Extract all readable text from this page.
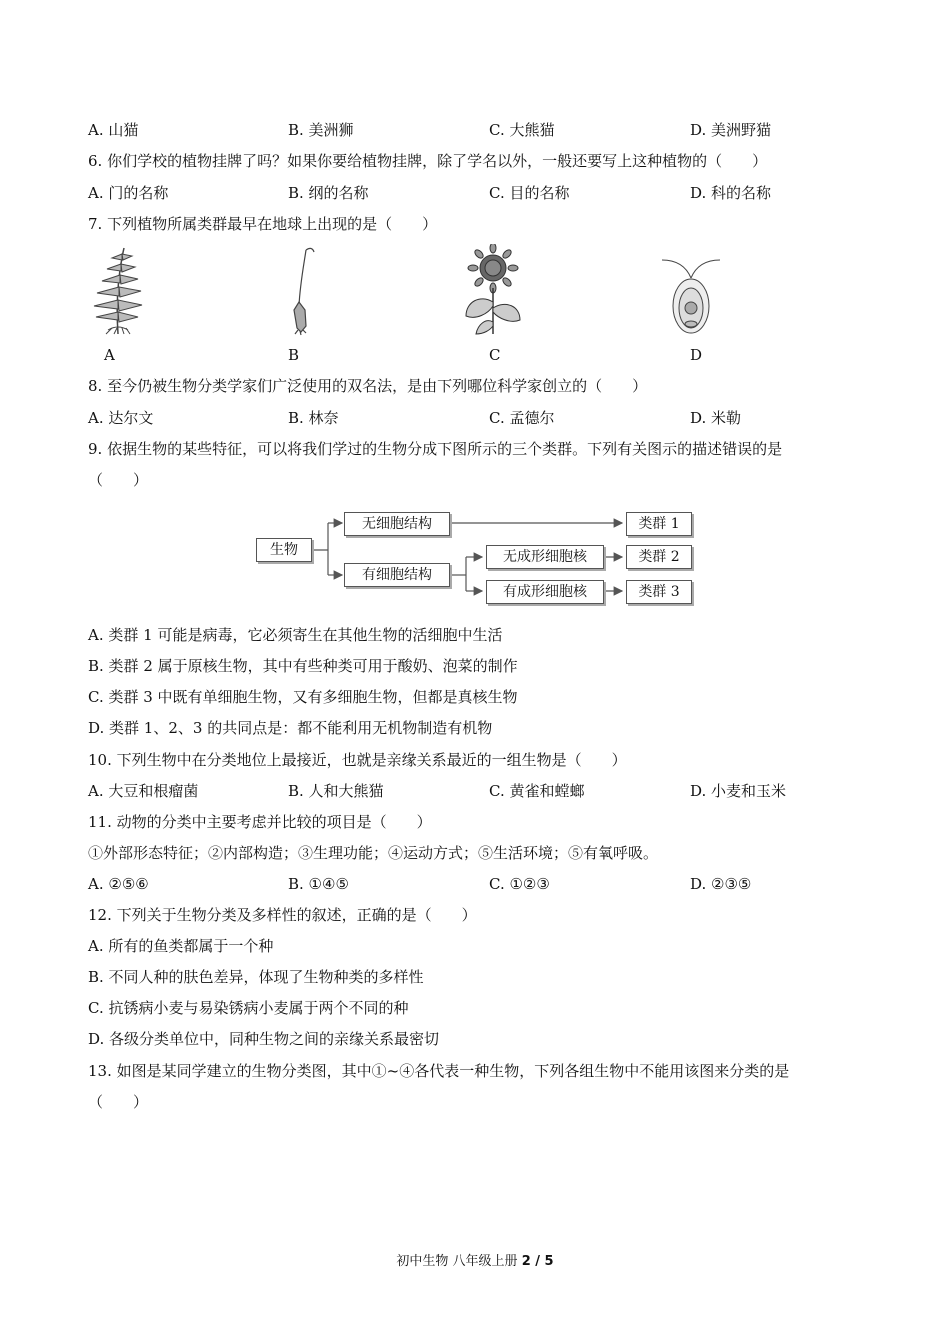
A. 山猫	B. 美洲狮	C. 大熊猫	D. 美洲野猫
6. 你们学校的植物挂牌了吗？如果你要给植物挂牌，除了学名以外，一般还要写上这种植物的（　　）
A. 门的名称	B. 纲的名称	C. 目的名称	D. 科的名称
7. 下列植物所属类群最早在地球上出现的是（　　）
A	B	C	D
8. 至今仍被生物分类学家们广泛使用的双名法，是由下列哪位科学家创立的（　　）
A. 达尔文	B. 林奈	C. 孟德尔	D. 米勒
9. 依据生物的某些特征，可以将我们学过的生物分成下图所示的三个类群。下列有关图示的描述错误的是
（　　）
生物
无细胞结构
有细胞结构
无成形细胞核
有成形细胞核
类群 1
类群 2
类群 3
A. 类群 1 可能是病毒，它必须寄生在其他生物的活细胞中生活
B. 类群 2 属于原核生物，其中有些种类可用于酸奶、泡菜的制作
C. 类群 3 中既有单细胞生物，又有多细胞生物，但都是真核生物
D. 类群 1、2、3 的共同点是：都不能利用无机物制造有机物
10. 下列生物中在分类地位上最接近，也就是亲缘关系最近的一组生物是（　　）
A. 大豆和根瘤菌	B. 人和大熊猫	C. 黄雀和螳螂	D. 小麦和玉米
11. 动物的分类中主要考虑并比较的项目是（　　）
①外部形态特征；②内部构造；③生理功能；④运动方式；⑤生活环境；⑤有氧呼吸。
A. ②⑤⑥	B. ①④⑤	C. ①②③	D. ②③⑤
12. 下列关于生物分类及多样性的叙述，正确的是（　　）
A. 所有的鱼类都属于一个种
B. 不同人种的肤色差异，体现了生物种类的多样性
C. 抗锈病小麦与易染锈病小麦属于两个不同的种
D. 各级分类单位中，同种生物之间的亲缘关系最密切
13. 如图是某同学建立的生物分类图，其中①~④各代表一种生物，下列各组生物中不能用该图来分类的是
（　　）
初中生物 八年级上册 2 / 5
